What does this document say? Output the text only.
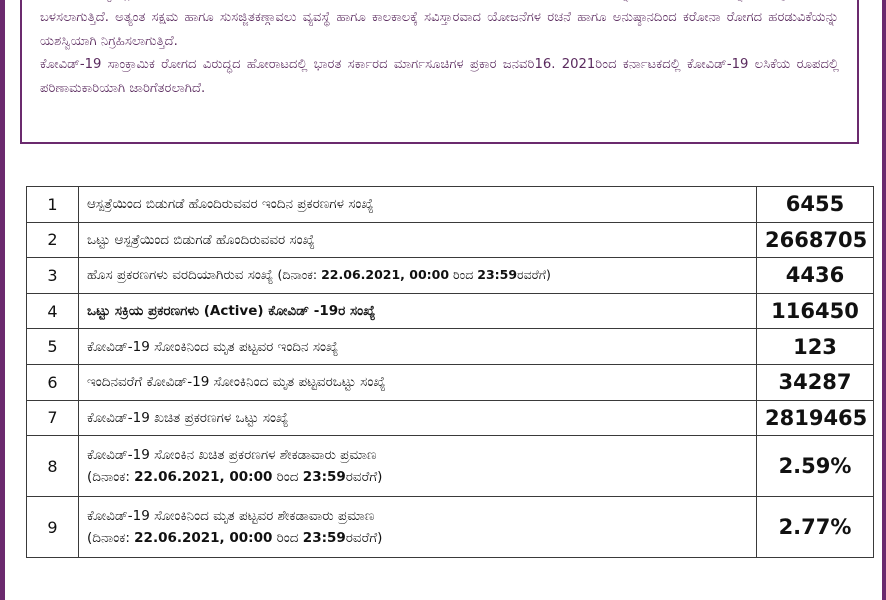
ಬಳಸಲಾಗುತ್ತಿದೆ. ಅತ್ಯಂತ ಸಕ್ಷಮ ಹಾಗೂ ಸುಸಜ್ಜಿತಕಣ್ಗಾವಲು ವ್ಯವಸ್ಥೆ ಹಾಗೂ ಕಾಲಕಾಲಕ್ಕೆ ಸವಿಸ್ತಾರವಾದ ಯೋಜನೆಗಳ ರಚನೆ ಹಾಗೂ ಅನುಷ್ಠಾನದಿಂದ ಕರೋನಾ ರೋಗದ ಹರಡುವಿಕೆಯನ್ನು ಯಶಸ್ವಿಯಾಗಿ ನಿಗ್ರಹಿಸಲಾಗುತ್ತಿದೆ.

ಕೋವಿಡ್-19 ಸಾಂಕ್ರಾಮಿಕ ರೋಗದ ವಿರುದ್ಧದ ಹೋರಾಟದಲ್ಲಿ ಭಾರತ ಸರ್ಕಾರದ ಮಾರ್ಗಸೂಚಿಗಳ ಪ್ರಕಾರ ಜನವರಿ16. 2021ರಿಂದ ಕರ್ನಾಟಕದಲ್ಲಿ ಕೋವಿಡ್-19 ಲಸಿಕೆಯ ರೂಪದಲ್ಲಿ ಪರಿಣಾಮಕಾರಿಯಾಗಿ ಜಾರಿಗೆತರಲಾಗಿದೆ.

1	ಆಸ್ಪತ್ರೆಯಿಂದ ಬಿಡುಗಡೆ ಹೊಂದಿರುವವರ ಇಂದಿನ ಪ್ರಕರಣಗಳ ಸಂಖ್ಯೆ	6455
2	ಒಟ್ಟು ಆಸ್ಪತ್ರೆಯಿಂದ ಬಿಡುಗಡೆ ಹೊಂದಿರುವವರ ಸಂಖ್ಯೆ	2668705
3	ಹೊಸ ಪ್ರಕರಣಗಳು ವರದಿಯಾಗಿರುವ ಸಂಖ್ಯೆ (ದಿನಾಂಕ: 22.06.2021, 00:00 ರಿಂದ 23:59ರವರೆಗೆ)	4436
4	ಒಟ್ಟು ಸಕ್ರಿಯ ಪ್ರಕರಣಗಳು (Active) ಕೋವಿಡ್ -19ರ ಸಂಖ್ಯೆ	116450
5	ಕೋವಿಡ್-19 ಸೋಂಕಿನಿಂದ ಮೃತ ಪಟ್ಟವರ ಇಂದಿನ ಸಂಖ್ಯೆ	123
6	ಇಂದಿನವರೆಗೆ ಕೋವಿಡ್-19 ಸೋಂಕಿನಿಂದ ಮೃತ ಪಟ್ಟವರಒಟ್ಟು ಸಂಖ್ಯೆ	34287
7	ಕೋವಿಡ್-19 ಖಚಿತ ಪ್ರಕರಣಗಳ ಒಟ್ಟು ಸಂಖ್ಯೆ	2819465
8	ಕೋವಿಡ್-19 ಸೋಂಕಿನ ಖಚಿತ ಪ್ರಕರಣಗಳ ಶೇಕಡಾವಾರು ಪ್ರಮಾಣ
(ದಿನಾಂಕ: 22.06.2021, 00:00 ರಿಂದ 23:59ರವರೆಗೆ)	2.59%
9	ಕೋವಿಡ್-19 ಸೋಂಕಿನಿಂದ ಮೃತ ಪಟ್ಟವರ ಶೇಕಡಾವಾರು ಪ್ರಮಾಣ
(ದಿನಾಂಕ: 22.06.2021, 00:00 ರಿಂದ 23:59ರವರೆಗೆ)	2.77%
